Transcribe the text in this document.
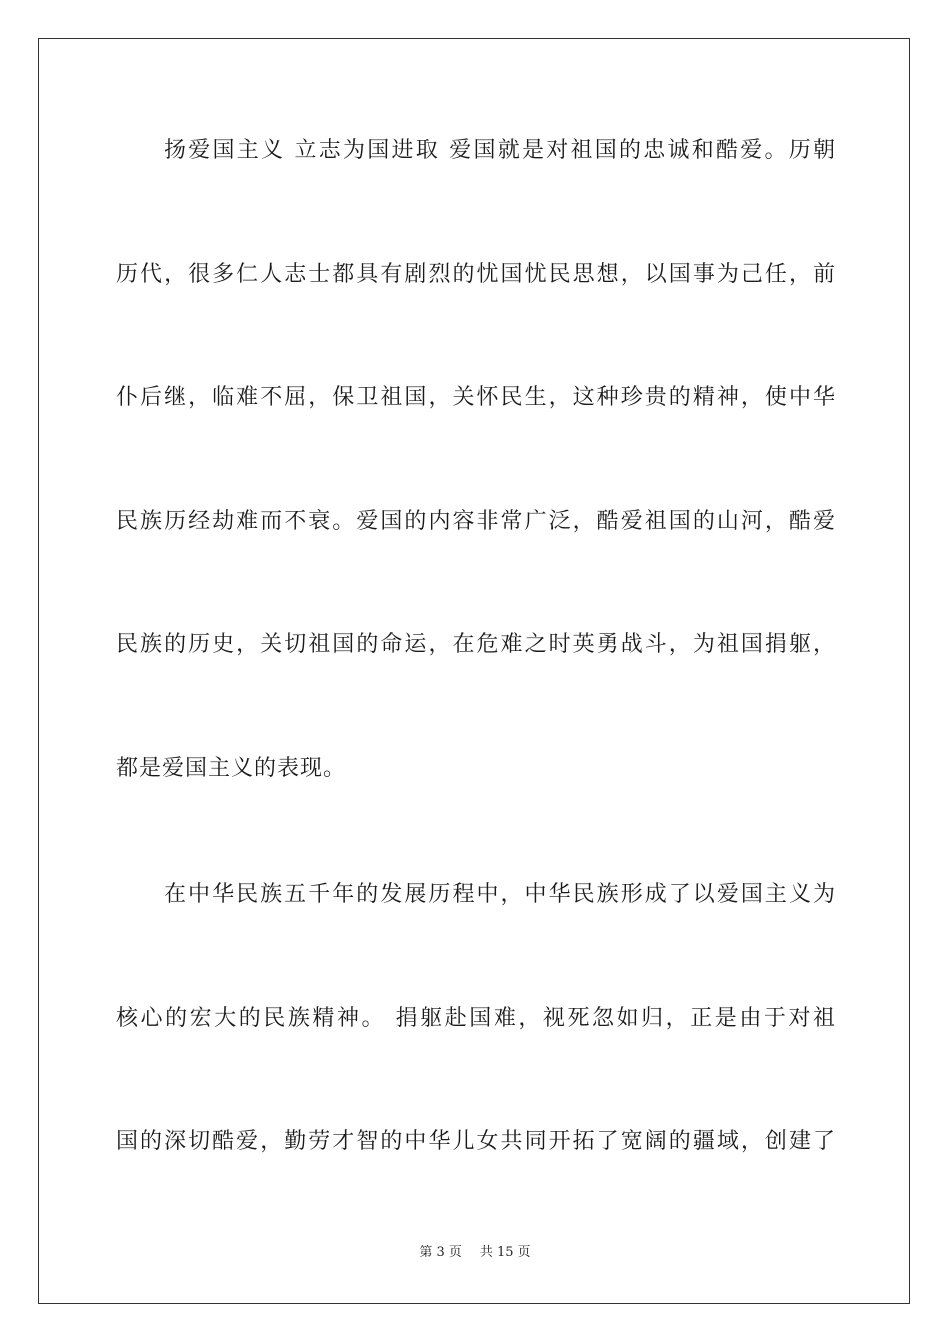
扬爱国主义 立志为国进取 爱国就是对祖国的忠诚和酷爱。历朝
历代，很多仁人志士都具有剧烈的忧国忧民思想，以国事为己任，前
仆后继，临难不屈，保卫祖国，关怀民生，这种珍贵的精神，使中华
民族历经劫难而不衰。爱国的内容非常广泛，酷爱祖国的山河，酷爱
民族的历史，关切祖国的命运，在危难之时英勇战斗，为祖国捐躯，
都是爱国主义的表现。
在中华民族五千年的发展历程中，中华民族形成了以爱国主义为
核心的宏大的民族精神。 捐躯赴国难，视死忽如归，正是由于对祖
国的深切酷爱，勤劳才智的中华儿女共同开拓了宽阔的疆域，创建了
第 3 页 共 15 页
